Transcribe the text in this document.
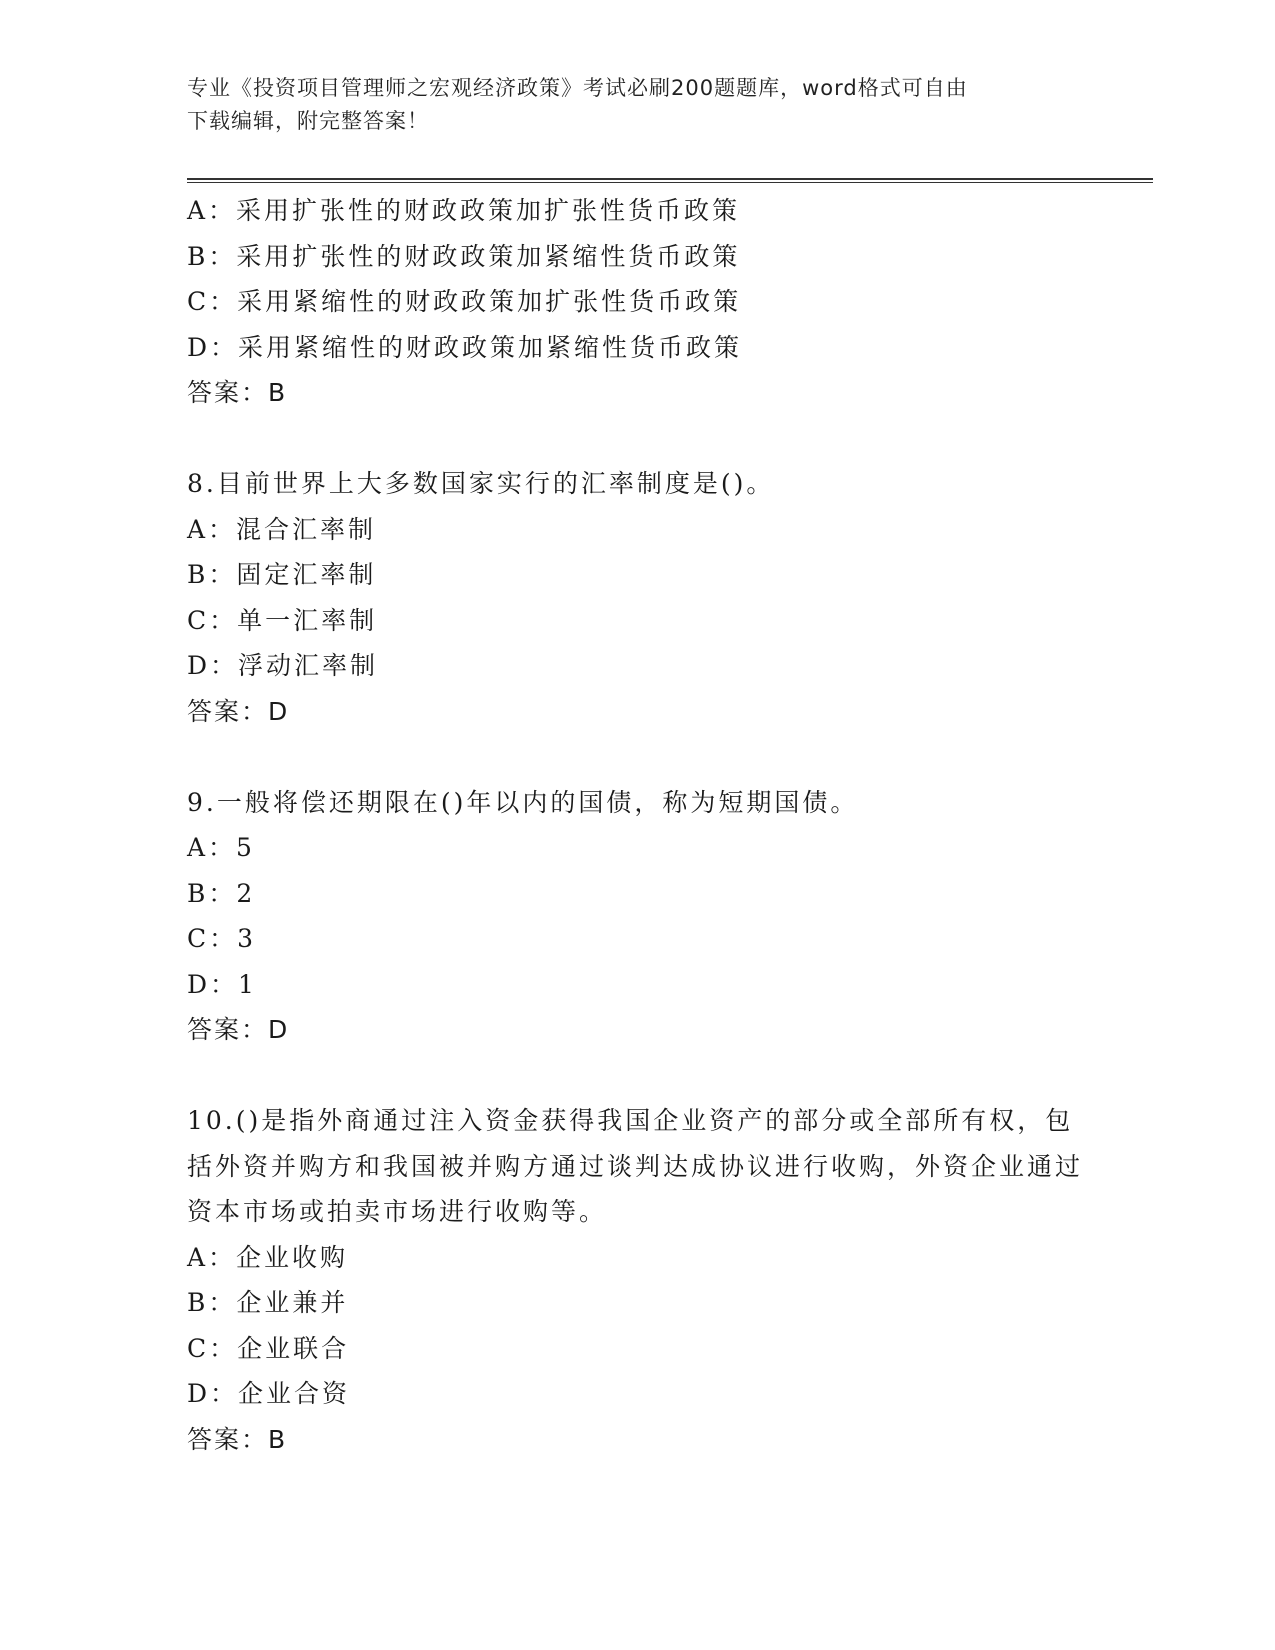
专业《投资项目管理师之宏观经济政策》考试必刷200题题库，word格式可自由
下载编辑，附完整答案！
A：采用扩张性的财政政策加扩张性货币政策
B：采用扩张性的财政政策加紧缩性货币政策
C：采用紧缩性的财政政策加扩张性货币政策
D：采用紧缩性的财政政策加紧缩性货币政策
答案：B
8.目前世界上大多数国家实行的汇率制度是()。
A：混合汇率制
B：固定汇率制
C：单一汇率制
D：浮动汇率制
答案：D
9.一般将偿还期限在()年以内的国债，称为短期国债。
A：5
B：2
C：3
D：1
答案：D
10.()是指外商通过注入资金获得我国企业资产的部分或全部所有权，包括外资并购方和我国被并购方通过谈判达成协议进行收购，外资企业通过资本市场或拍卖市场进行收购等。
A：企业收购
B：企业兼并
C：企业联合
D：企业合资
答案：B
